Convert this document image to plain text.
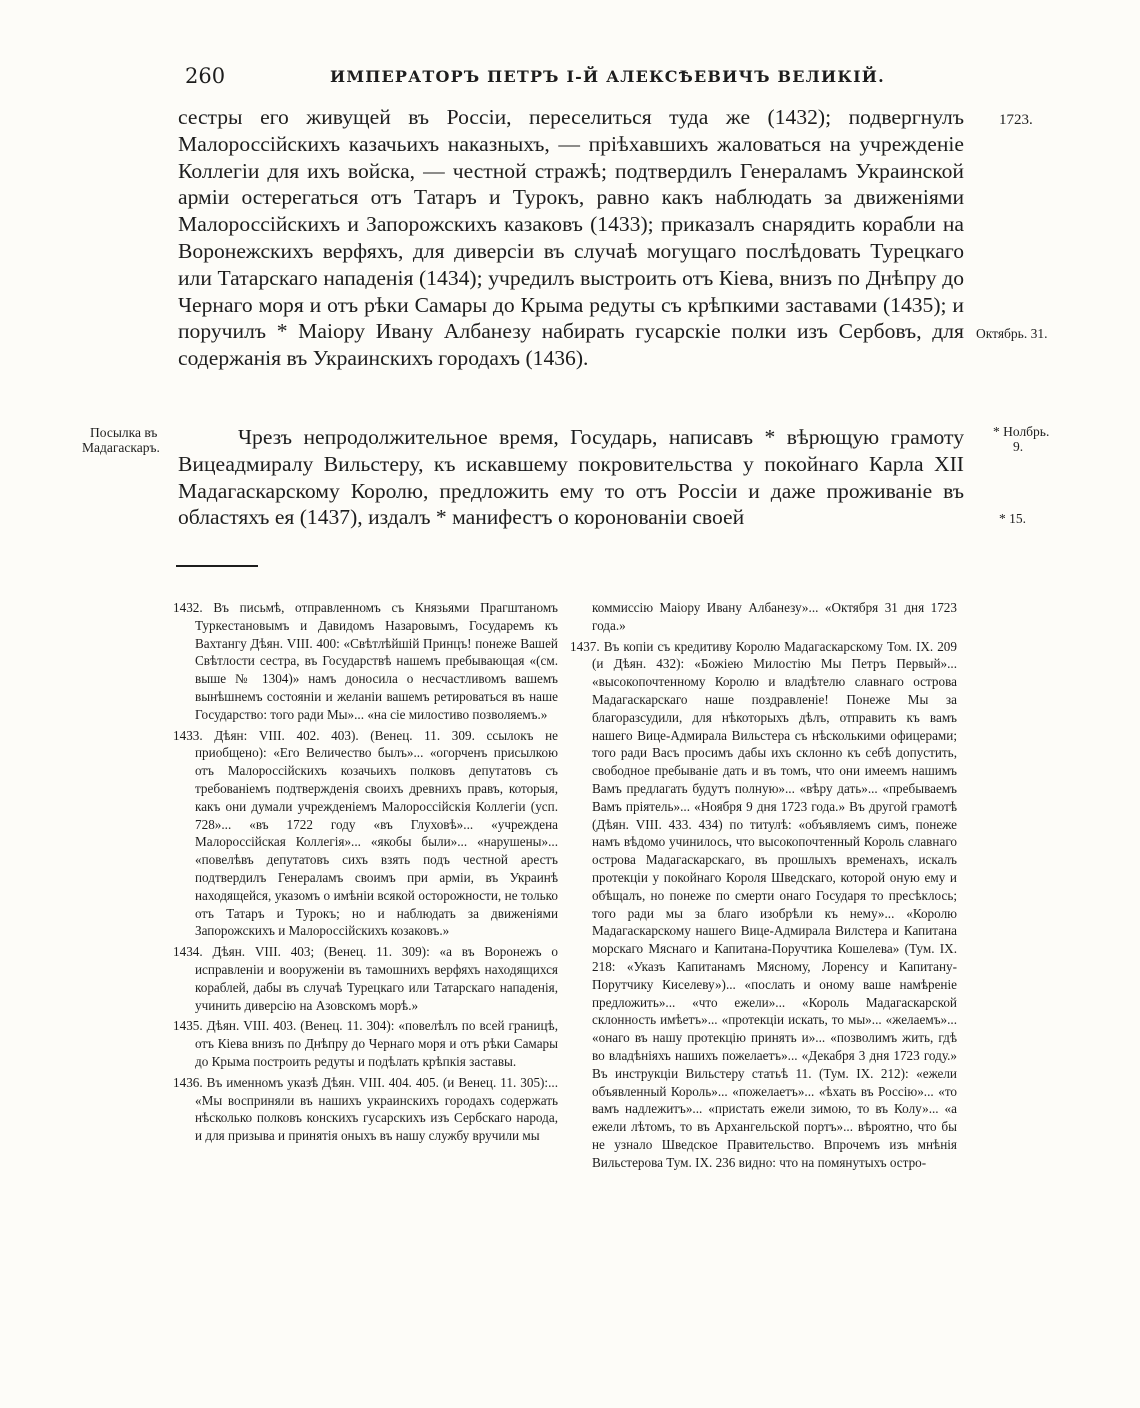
260	ИМПЕРАТОРЪ ПЕТРЪ I-Й АЛЕКСѢЕВИЧЪ ВЕЛИКІЙ.
сестры его живущей въ Россіи, переселиться туда же (1432); подвергнулъ Малороссійскихъ казачьихъ наказныхъ, — пріѣхавшихъ жаловаться на учрежденіе Коллегіи для ихъ войска, — честной стражѣ; подтвердилъ Генераламъ Украинской арміи остерегаться отъ Татаръ и Турокъ, равно какъ наблюдать за движеніями Малороссійскихъ и Запорожскихъ казаковъ (1433); приказалъ снарядить корабли на Воронежскихъ верфяхъ, для диверсіи въ случаѣ могущаго послѣдовать Турецкаго или Татарскаго нападенія (1434); учредилъ выстроить отъ Кіева, внизъ по Днѣпру до Чернаго моря и отъ рѣки Самары до Крыма редуты съ крѣпкими заставами (1435); и поручилъ * Маіору Ивану Албанезу набирать гусарскіе полки изъ Сербовъ, для содержанія въ Украинскихъ городахъ (1436).
Чрезъ непродолжительное время, Государь, написавъ * вѣрющую грамоту Вицеадмиралу Вильстеру, къ искавшему покровительства у покойнаго Карла XII Мадагаскарскому Королю, предложить ему то отъ Россіи и даже проживаніе въ областяхъ ея (1437), издалъ * манифестъ о коронованіи своей
1723.
Октябрь. 31.
* Нолбрь.
9.
* 15.
Посылка въ
Мадагаскаръ.

1432. Въ письмѣ, отправленномъ съ Князьями Прагштаномъ Туркестановымъ и Давидомъ Назаровымъ, Государемъ къ Вахтангу Дѣян. VIII. 400: «Свѣтлѣйшій Принцъ! понеже Вашей Свѣтлости сестра, въ Государствѣ нашемъ пребывающая «(см. выше № 1304)» намъ доносила о несчастливомъ вашемъ вынѣшнемъ состояніи и желаніи вашемъ ретироваться въ наше Государство: того ради Мы»... «на сіе милостиво позволяемъ.»

1433. Дѣян: VIII. 402. 403). (Венец. 11. 309. ссылокъ не приобщено): «Его Величество былъ»... «огорченъ присылкою отъ Малороссійскихъ козачьихъ полковъ депутатовъ съ требованіемъ подтвержденія своихъ древнихъ правъ, которыя, какъ они думали учрежденіемъ Малороссійскія Коллегіи (усп. 728»... «въ 1722 году «въ Глуховѣ»... «учреждена Малороссійская Коллегія»... «якобы были»... «нарушены»... «повелѣвъ депутатовъ сихъ взять подъ честной арестъ подтвердилъ Генераламъ своимъ при арміи, въ Украинѣ находящейся, указомъ о имѣніи всякой осторожности, не только отъ Татаръ и Турокъ; но и наблюдать за движеніями Запорожскихъ и Малороссійскихъ козаковъ.»

1434. Дѣян. VIII. 403; (Венец. 11. 309): «а въ Воронежъ о исправленіи и вооруженіи въ тамошнихъ верфяхъ находящихся кораблей, дабы въ случаѣ Турецкаго или Татарскаго нападенія, учинить диверсію на Азовскомъ морѣ.»

1435. Дѣян. VIII. 403. (Венец. 11. 304): «повелѣлъ по всей границѣ, отъ Кіева внизъ по Днѣпру до Чернаго моря и отъ рѣки Самары до Крыма построить редуты и подѣлать крѣпкія заставы.

1436. Въ именномъ указѣ Дѣян. VIII. 404. 405. (и Венец. 11. 305):... «Мы восприняли въ нашихъ украинскихъ городахъ содержать нѣсколько полковъ конскихъ гусарскихъ изъ Сербскаго народа, и для призыва и принятія оныхъ въ нашу службу вручили мы

коммиссію Маіору Ивану Албанезу»... «Октября 31 дня 1723 года.»

1437. Въ копіи съ кредитиву Королю Мадагаскарскому Том. IX. 209 (и Дѣян. 432): «Божіею Милостію Мы Петръ Первый»... «высокопочтенному Королю и владѣтелю славнаго острова Мадагаскарскаго наше поздравленіе! Понеже Мы за благоразсудили, для нѣкоторыхъ дѣлъ, отправить къ вамъ нашего Вице-Адмирала Вильстера съ нѣсколькими офицерами; того ради Васъ просимъ дабы ихъ склонно къ себѣ допустить, свободное пребываніе дать и въ томъ, что они имеемъ нашимъ Вамъ предлагать будутъ полную»... «вѣру дать»... «пребываемъ Вамъ пріятель»... «Ноября 9 дня 1723 года.» Въ другой грамотѣ (Дѣян. VIII. 433. 434) по титулѣ: «объявляемъ симъ, понеже намъ вѣдомо учинилось, что высокопочтенный Король славнаго острова Мадагаскарскаго, въ прошлыхъ временахъ, искалъ протекціи у покойнаго Короля Шведскаго, которой оную ему и обѣщалъ, но понеже по смерти онаго Государя то пресѣклось; того ради мы за благо изобрѣли къ нему»... «Королю Мадагаскарскому нашего Вице-Адмирала Вилстера и Капитана морскаго Мяснаго и Капитана-Поручтика Кошелева» (Тум. IX. 218: «Указъ Капитанамъ Мясному, Лоренсу и Капитану-Порутчику Киселеву»)... «послать и оному ваше намѣреніе предложить»... «что ежели»... «Король Мадагаскарской склонность имѣетъ»... «протекціи искать, то мы»... «желаемъ»... «онаго въ нашу протекцію принять и»... «позволимъ жить, гдѣ во владѣніяхъ нашихъ пожелаетъ»... «Декабря 3 дня 1723 году.» Въ инструкціи Вильстеру статьѣ 11. (Тум. IX. 212): «ежели объявленный Король»... «пожелаетъ»... «ѣхать въ Россію»... «то вамъ надлежитъ»... «пристать ежели зимою, то въ Колу»... «а ежели лѣтомъ, то въ Архангельской портъ»... вѣроятно, что бы не узнало Шведское Правительство. Впрочемъ изъ мнѣнія Вильстерова Тум. IX. 236 видно: что на помянутыхъ остро-
